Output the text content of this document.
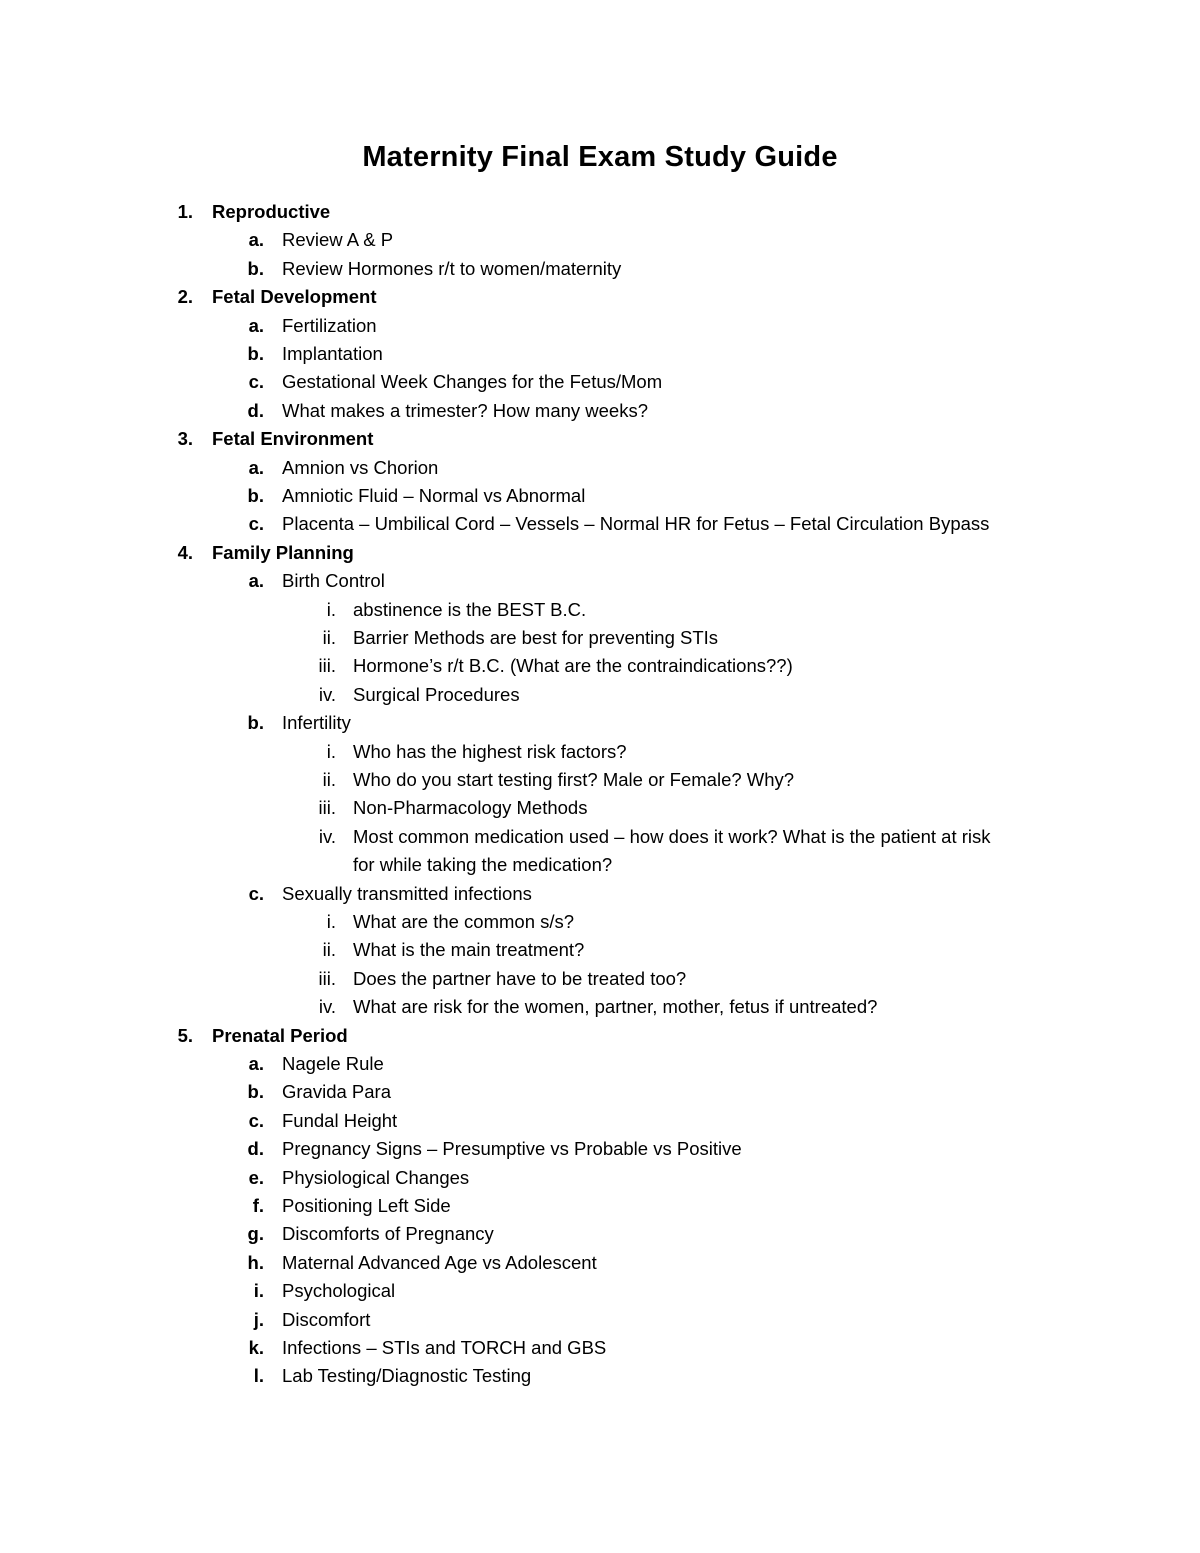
Maternity Final Exam Study Guide
1. Reproductive
a. Review A & P
b. Review Hormones r/t to women/maternity
2. Fetal Development
a. Fertilization
b. Implantation
c. Gestational Week Changes for the Fetus/Mom
d. What makes a trimester? How many weeks?
3. Fetal Environment
a. Amnion vs Chorion
b. Amniotic Fluid – Normal vs Abnormal
c. Placenta – Umbilical Cord – Vessels – Normal HR for Fetus – Fetal Circulation Bypass
4. Family Planning
a. Birth Control
i. abstinence is the BEST B.C.
ii. Barrier Methods are best for preventing STIs
iii. Hormone’s r/t B.C. (What are the contraindications??)
iv. Surgical Procedures
b. Infertility
i. Who has the highest risk factors?
ii. Who do you start testing first? Male or Female? Why?
iii. Non-Pharmacology Methods
iv. Most common medication used – how does it work? What is the patient at risk
for while taking the medication?
c. Sexually transmitted infections
i. What are the common s/s?
ii. What is the main treatment?
iii. Does the partner have to be treated too?
iv. What are risk for the women, partner, mother, fetus if untreated?
5. Prenatal Period
a. Nagele Rule
b. Gravida Para
c. Fundal Height
d. Pregnancy Signs – Presumptive vs Probable vs Positive
e. Physiological Changes
f. Positioning Left Side
g. Discomforts of Pregnancy
h. Maternal Advanced Age vs Adolescent
i. Psychological
j. Discomfort
k. Infections – STIs and TORCH and GBS
l. Lab Testing/Diagnostic Testing
